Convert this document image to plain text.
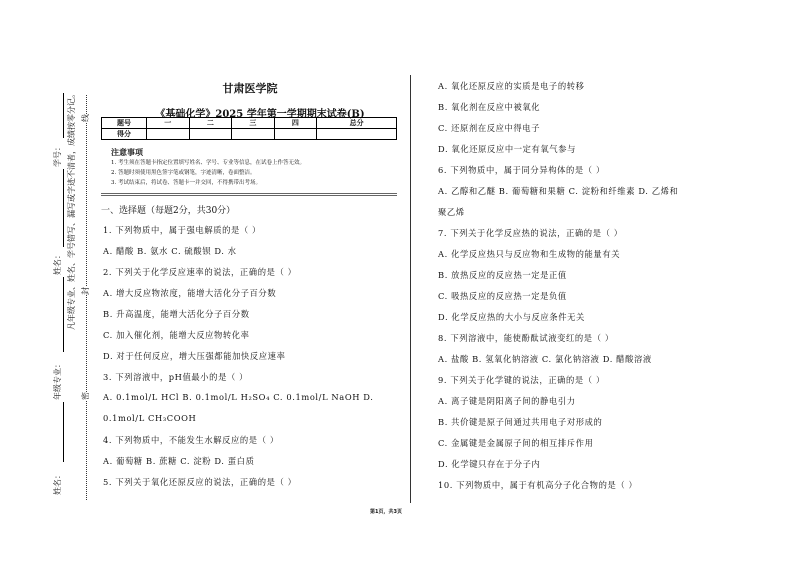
姓名：
年级专业：
姓名：
学号： 凡年级专业、姓名、学号错写、漏写或字迹不清者，成绩按零分记。
密
封
线
甘肃医学院
《基础化学》2025 学年第一学期期末试卷(B)
题号	一	二	三	四	总分
得分					
注意事项
1. 考生须在答题卡指定位置填写姓名、学号、专业等信息，在试卷上作答无效。
2. 答题时须使用黑色签字笔或钢笔，字迹清晰，卷面整洁。
3. 考试结束后，将试卷、答题卡一并交回，不得携带出考场。
一、选择题（每题2分，共30分）
1. 下列物质中，属于强电解质的是（ ）
A. 醋酸 B. 氨水 C. 硫酸钡 D. 水
2. 下列关于化学反应速率的说法，正确的是（ ）
A. 增大反应物浓度，能增大活化分子百分数
B. 升高温度，能增大活化分子百分数
C. 加入催化剂，能增大反应物转化率
D. 对于任何反应，增大压强都能加快反应速率
3. 下列溶液中，pH值最小的是（ ）
A. 0.1mol/L HCl B. 0.1mol/L H₂SO₄ C. 0.1mol/L NaOH D.
0.1mol/L CH₃COOH
4. 下列物质中，不能发生水解反应的是（ ）
A. 葡萄糖 B. 蔗糖 C. 淀粉 D. 蛋白质
5. 下列关于氧化还原反应的说法，正确的是（ ）
A. 氧化还原反应的实质是电子的转移
B. 氧化剂在反应中被氧化
C. 还原剂在反应中得电子
D. 氧化还原反应中一定有氧气参与
6. 下列物质中，属于同分异构体的是（ ）
A. 乙醇和乙醚 B. 葡萄糖和果糖 C. 淀粉和纤维素 D. 乙烯和
聚乙烯
7. 下列关于化学反应热的说法，正确的是（ ）
A. 化学反应热只与反应物和生成物的能量有关
B. 放热反应的反应热一定是正值
C. 吸热反应的反应热一定是负值
D. 化学反应热的大小与反应条件无关
8. 下列溶液中，能使酚酞试液变红的是（ ）
A. 盐酸 B. 氢氧化钠溶液 C. 氯化钠溶液 D. 醋酸溶液
9. 下列关于化学键的说法，正确的是（ ）
A. 离子键是阴阳离子间的静电引力
B. 共价键是原子间通过共用电子对形成的
C. 金属键是金属原子间的相互排斥作用
D. 化学键只存在于分子内
10. 下列物质中，属于有机高分子化合物的是（ ）
第1页，共3页
